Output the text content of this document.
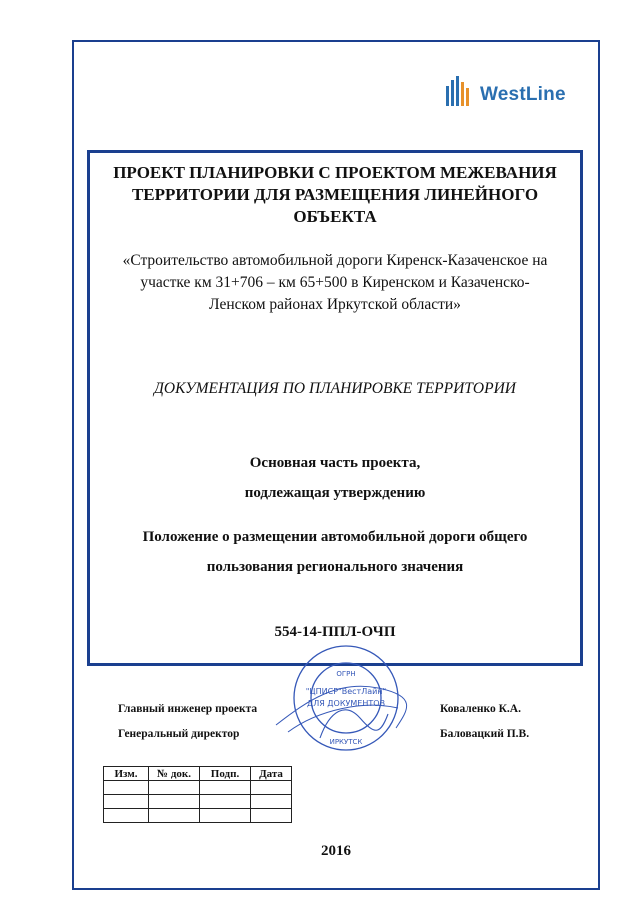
WestLine
ПРОЕКТ ПЛАНИРОВКИ С ПРОЕКТОМ МЕЖЕВАНИЯ
ТЕРРИТОРИИ ДЛЯ РАЗМЕЩЕНИЯ ЛИНЕЙНОГО
ОБЪЕКТА
«Строительство автомобильной дороги Киренск-Казаченское на
участке км 31+706 – км 65+500 в Киренском и Казаченско-
Ленском районах Иркутской области»
ДОКУМЕНТАЦИЯ ПО ПЛАНИРОВКЕ ТЕРРИТОРИИ
Основная часть проекта,
подлежащая утверждению
Положение о размещении автомобильной дороги общего
пользования регионального значения
554-14-ППЛ-ОЧП
Главный инженер проекта	Коваленко К.А.
Генеральный директор	Баловацкий П.В.
ОГРН
"ЦПИСР"ВестЛайн"
ДЛЯ ДОКУМЕНТОВ
ИРКУТСК
Изм.	№ док.	Подп.	Дата

2016
